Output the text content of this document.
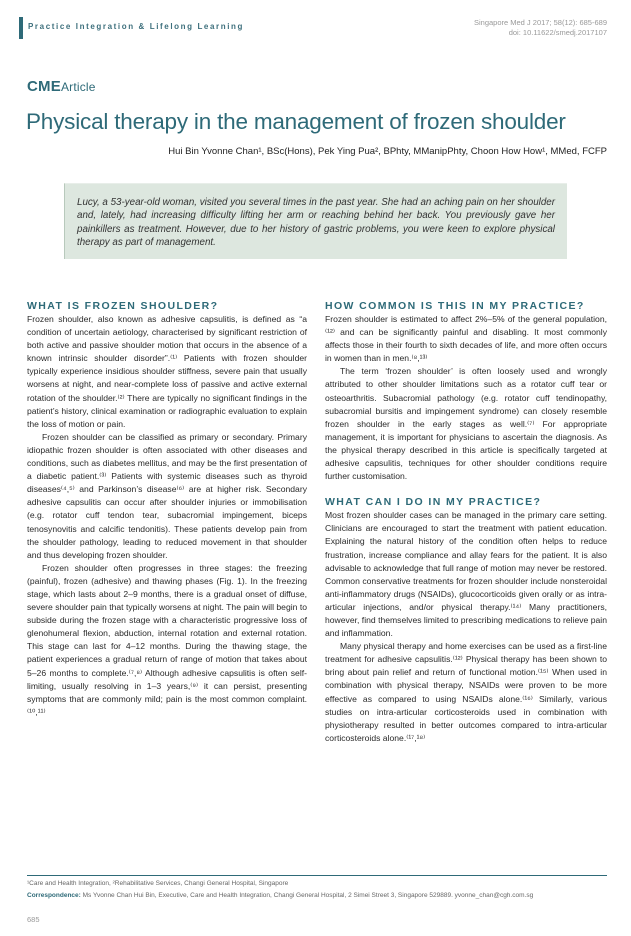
Practice Integration & Lifelong Learning	Singapore Med J 2017; 58(12): 685-689
doi: 10.11622/smedj.2017107
CMEArticle
Physical therapy in the management of frozen shoulder
Hui Bin Yvonne Chan¹, BSc(Hons), Pek Ying Pua², BPhty, MManipPhty, Choon How How¹, MMed, FCFP

Lucy, a 53-year-old woman, visited you several times in the past year. She had an aching pain on her shoulder and, lately, had increasing difficulty lifting her arm or reaching behind her back. You previously gave her painkillers as treatment. However, due to her history of gastric problems, you were keen to explore physical therapy as part of management.

WHAT IS FROZEN SHOULDER?

Frozen shoulder, also known as adhesive capsulitis, is defined as “a condition of uncertain aetiology, characterised by significant restriction of both active and passive shoulder motion that occurs in the absence of a known intrinsic shoulder disorder”.⁽¹⁾ Patients with frozen shoulder typically experience insidious shoulder stiffness, severe pain that usually worsens at night, and near-complete loss of passive and active external rotation of the shoulder.⁽²⁾ There are typically no significant findings in the patient’s history, clinical examination or radiographic evaluation to explain the loss of motion or pain.

Frozen shoulder can be classified as primary or secondary. Primary idiopathic frozen shoulder is often associated with other diseases and conditions, such as diabetes mellitus, and may be the first presentation of a diabetic patient.⁽³⁾ Patients with systemic diseases such as thyroid diseases⁽⁴,⁵⁾ and Parkinson’s disease⁽⁶⁾ are at higher risk. Secondary adhesive capsulitis can occur after shoulder injuries or immobilisation (e.g. rotator cuff tendon tear, subacromial impingement, biceps tenosynovitis and calcific tendonitis). These patients develop pain from the shoulder pathology, leading to reduced movement in that shoulder and thus developing frozen shoulder.

Frozen shoulder often progresses in three stages: the freezing (painful), frozen (adhesive) and thawing phases (Fig. 1). In the freezing stage, which lasts about 2–9 months, there is a gradual onset of diffuse, severe shoulder pain that typically worsens at night. The pain will begin to subside during the frozen stage with a characteristic progressive loss of glenohumeral flexion, abduction, internal rotation and external rotation. This stage can last for 4–12 months. During the thawing stage, the patient experiences a gradual return of range of motion that takes about 5–26 months to complete.⁽⁷,⁸⁾ Although adhesive capsulitis is often self-limiting, usually resolving in 1–3 years,⁽⁹⁾ it can persist, presenting symptoms that are commonly mild; pain is the most common complaint.⁽¹⁰,¹¹⁾

HOW COMMON IS THIS IN MY PRACTICE?

Frozen shoulder is estimated to affect 2%–5% of the general population,⁽¹²⁾ and can be significantly painful and disabling. It most commonly affects those in their fourth to sixth decades of life, and more often occurs in women than in men.⁽⁸,¹³⁾

The term ‘frozen shoulder’ is often loosely used and wrongly attributed to other shoulder limitations such as a rotator cuff tear or osteoarthritis. Subacromial pathology (e.g. rotator cuff tendinopathy, subacromial bursitis and impingement syndrome) can closely resemble frozen shoulder in the early stages as well.⁽⁷⁾ For appropriate management, it is important for physicians to ascertain the diagnosis. As the physical therapy described in this article is specifically targeted at adhesive capsulitis, techniques for other shoulder conditions require further customisation.

WHAT CAN I DO IN MY PRACTICE?

Most frozen shoulder cases can be managed in the primary care setting. Clinicians are encouraged to start the treatment with patient education. Explaining the natural history of the condition often helps to reduce frustration, increase compliance and allay fears for the patient. It is also advisable to acknowledge that full range of motion may never be restored. Common conservative treatments for frozen shoulder include nonsteroidal anti-inflammatory drugs (NSAIDs), glucocorticoids given orally or as intra-articular injections, and/or physical therapy.⁽¹⁴⁾ Many practitioners, however, find themselves limited to prescribing medications to relieve pain and inflammation.

Many physical therapy and home exercises can be used as a first-line treatment for adhesive capsulitis.⁽¹²⁾ Physical therapy has been shown to bring about pain relief and return of functional motion.⁽¹⁵⁾ When used in combination with physical therapy, NSAIDs were proven to be more effective as compared to using NSAIDs alone.⁽¹⁶⁾ Similarly, various studies on intra-articular corticosteroids used in combination with physiotherapy resulted in better outcomes compared to intra-articular corticosteroids alone.⁽¹⁷,¹⁸⁾

¹Care and Health Integration, ²Rehabilitative Services, Changi General Hospital, Singapore
Correspondence: Ms Yvonne Chan Hui Bin, Executive, Care and Health Integration, Changi General Hospital, 2 Simei Street 3, Singapore 529889. yvonne_chan@cgh.com.sg
685
